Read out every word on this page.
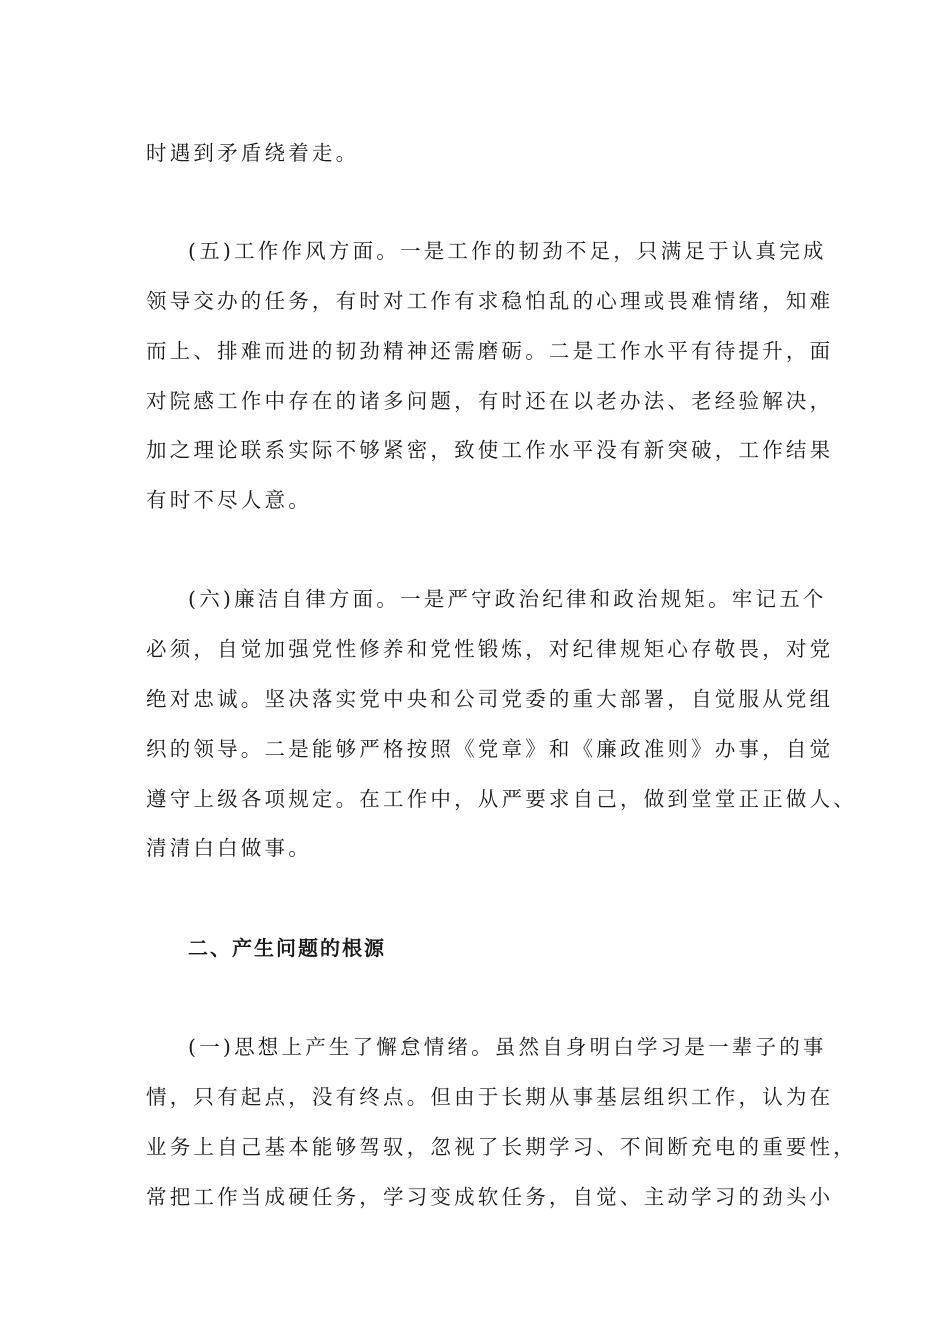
时遇到矛盾绕着走。
(五)工作作风方面。一是工作的韧劲不足，只满足于认真完成
领导交办的任务，有时对工作有求稳怕乱的心理或畏难情绪，知难
而上、排难而进的韧劲精神还需磨砺。二是工作水平有待提升，面
对院感工作中存在的诸多问题，有时还在以老办法、老经验解决，
加之理论联系实际不够紧密，致使工作水平没有新突破，工作结果
有时不尽人意。
(六)廉洁自律方面。一是严守政治纪律和政治规矩。牢记五个
必须，自觉加强党性修养和党性锻炼，对纪律规矩心存敬畏，对党
绝对忠诚。坚决落实党中央和公司党委的重大部署，自觉服从党组
织的领导。二是能够严格按照《党章》和《廉政准则》办事，自觉
遵守上级各项规定。在工作中，从严要求自己，做到堂堂正正做人、
清清白白做事。
二、产生问题的根源
(一)思想上产生了懈怠情绪。虽然自身明白学习是一辈子的事
情，只有起点，没有终点。但由于长期从事基层组织工作，认为在
业务上自己基本能够驾驭，忽视了长期学习、不间断充电的重要性，
常把工作当成硬任务，学习变成软任务，自觉、主动学习的劲头小
